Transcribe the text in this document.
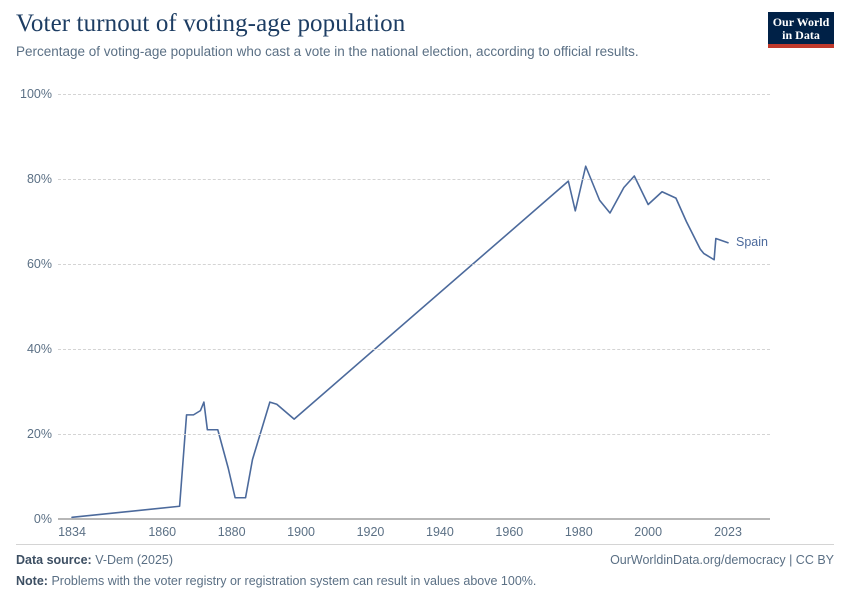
Voter turnout of voting-age population

Percentage of voting-age population who cast a vote in the national election, according to official results.

Our World
in Data
0%
20%
40%
60%
80%
100%
1834	1860	1880	1900	1920	1940	1960	1980	2000	2023
Spain
Data source: V-Dem (2025)	OurWorldinData.org/democracy | CC BY
Note: Problems with the voter registry or registration system can result in values above 100%.
